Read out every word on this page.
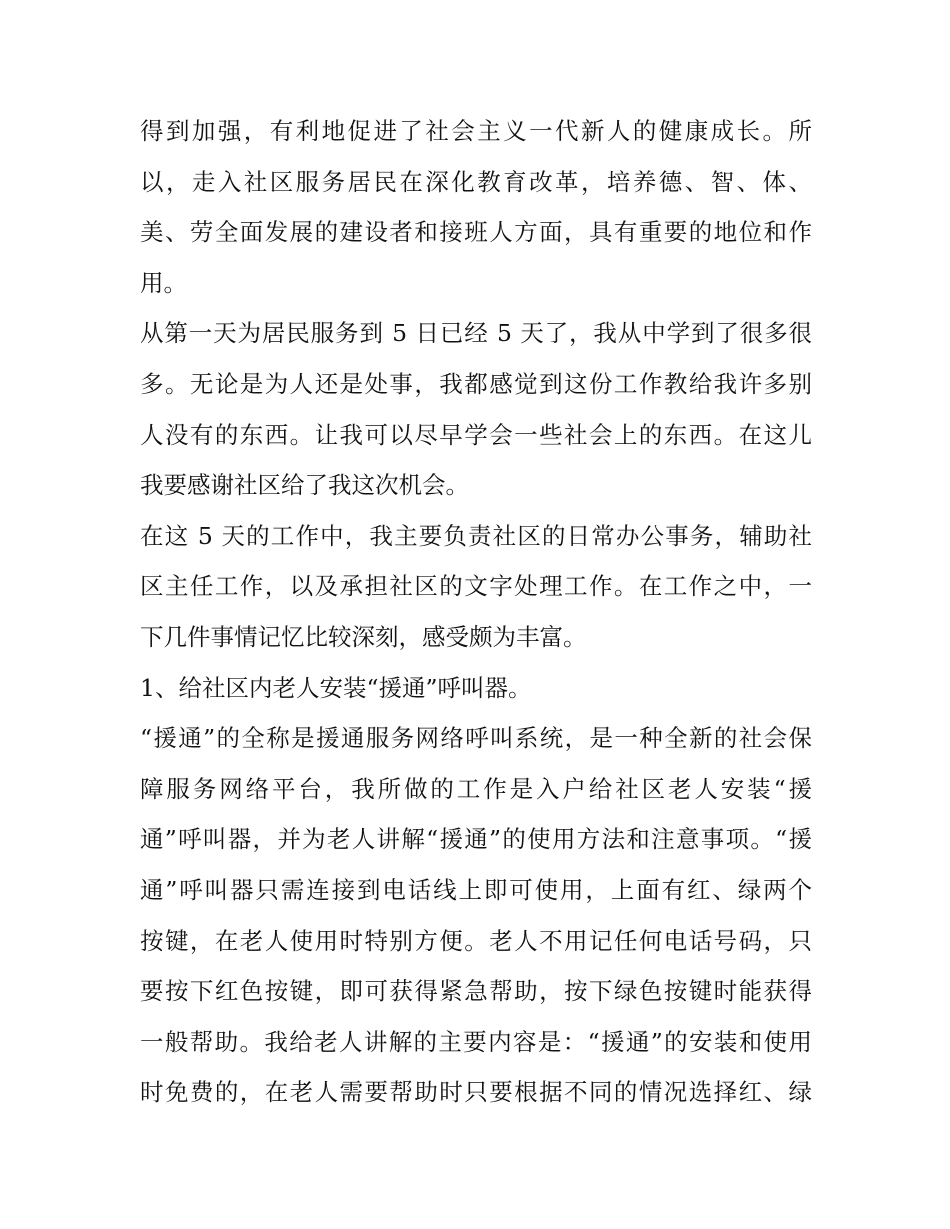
得到加强，有利地促进了社会主义一代新人的健康成长。所
以，走入社区服务居民在深化教育改革，培养德、智、体、
美、劳全面发展的建设者和接班人方面，具有重要的地位和作
用。
从第一天为居民服务到 5 日已经 5 天了，我从中学到了很多很
多。无论是为人还是处事，我都感觉到这份工作教给我许多别
人没有的东西。让我可以尽早学会一些社会上的东西。在这儿
我要感谢社区给了我这次机会。
在这 5 天的工作中，我主要负责社区的日常办公事务，辅助社
区主任工作，以及承担社区的文字处理工作。在工作之中，一
下几件事情记忆比较深刻，感受颇为丰富。
1、给社区内老人安装“援通”呼叫器。
“援通”的全称是援通服务网络呼叫系统，是一种全新的社会保
障服务网络平台，我所做的工作是入户给社区老人安装“援
通”呼叫器，并为老人讲解“援通”的使用方法和注意事项。“援
通”呼叫器只需连接到电话线上即可使用，上面有红、绿两个
按键，在老人使用时特别方便。老人不用记任何电话号码，只
要按下红色按键，即可获得紧急帮助，按下绿色按键时能获得
一般帮助。我给老人讲解的主要内容是：“援通”的安装和使用
时免费的，在老人需要帮助时只要根据不同的情况选择红、绿
